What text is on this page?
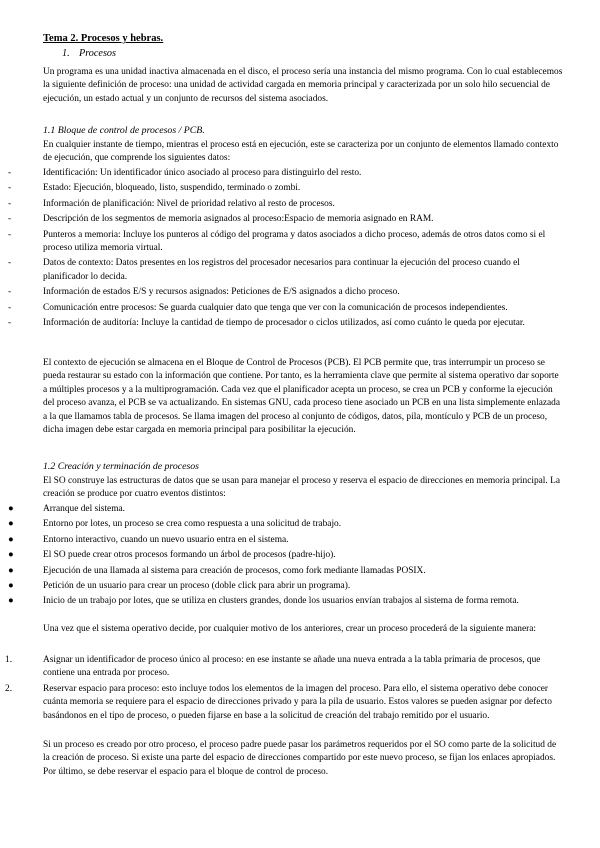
Tema 2. Procesos y hebras.
1. Procesos

Un programa es una unidad inactiva almacenada en el disco, el proceso sería una instancia del mismo programa. Con lo cual establecemos la siguiente definición de proceso: una unidad de actividad cargada en memoria principal y caracterizada por un solo hilo secuencial de ejecución, un estado actual y un conjunto de recursos del sistema asociados.

1.1 Bloque de control de procesos / PCB.

En cualquier instante de tiempo, mientras el proceso está en ejecución, este se caracteriza por un conjunto de elementos llamado contexto de ejecución, que comprende los siguientes datos:

-	Identificación: Un identificador único asociado al proceso para distinguirlo del resto.
-	Estado: Ejecución, bloqueado, listo, suspendido, terminado o zombi.
-	Información de planificación: Nivel de prioridad relativo al resto de procesos.
-	Descripción de los segmentos de memoria asignados al proceso:Espacio de memoria asignado en RAM.
-	Punteros a memoria: Incluye los punteros al código del programa y datos asociados a dicho proceso, además de otros datos como si el proceso utiliza memoria virtual.
-	Datos de contexto: Datos presentes en los registros del procesador necesarios para continuar la ejecución del proceso cuando el planificador lo decida.
-	Información de estados E/S y recursos asignados: Peticiones de E/S asignados a dicho proceso.
-	Comunicación entre procesos: Se guarda cualquier dato que tenga que ver con la comunicación de procesos independientes.
-	Información de auditoría: Incluye la cantidad de tiempo de procesador o ciclos utilizados, así como cuánto le queda por ejecutar.

El contexto de ejecución se almacena en el Bloque de Control de Procesos (PCB). El PCB permite que, tras interrumpir un proceso se pueda restaurar su estado con la información que contiene. Por tanto, es la herramienta clave que permite al sistema operativo dar soporte a múltiples procesos y a la multiprogramación. Cada vez que el planificador acepta un proceso, se crea un PCB y conforme la ejecución del proceso avanza, el PCB se va actualizando. En sistemas GNU, cada proceso tiene asociado un PCB en una lista simplemente enlazada a la que llamamos tabla de procesos. Se llama imagen del proceso al conjunto de códigos, datos, pila, montículo y PCB de un proceso, dicha imagen debe estar cargada en memoria principal para posibilitar la ejecución.

1.2 Creación y terminación de procesos

El SO construye las estructuras de datos que se usan para manejar el proceso y reserva el espacio de direcciones en memoria principal. La creación se produce por cuatro eventos distintos:

●	Arranque del sistema.
●	Entorno por lotes, un proceso se crea como respuesta a una solicitud de trabajo.
●	Entorno interactivo, cuando un nuevo usuario entra en el sistema.
●	El SO puede crear otros procesos formando un árbol de procesos (padre-hijo).
●	Ejecución de una llamada al sistema para creación de procesos, como fork mediante llamadas POSIX.
●	Petición de un usuario para crear un proceso (doble click para abrir un programa).
●	Inicio de un trabajo por lotes, que se utiliza en clusters grandes, donde los usuarios envían trabajos al sistema de forma remota.

Una vez que el sistema operativo decide, por cualquier motivo de los anteriores, crear un proceso procederá de la siguiente manera:

1.	Asignar un identificador de proceso único al proceso: en ese instante se añade una nueva entrada a la tabla primaria de procesos, que contiene una entrada por proceso.
2.	Reservar espacio para proceso: esto incluye todos los elementos de la imagen del proceso. Para ello, el sistema operativo debe conocer cuánta memoria se requiere para el espacio de direcciones privado y para la pila de usuario. Estos valores se pueden asignar por defecto basándonos en el tipo de proceso, o pueden fijarse en base a la solicitud de creación del trabajo remitido por el usuario.

Si un proceso es creado por otro proceso, el proceso padre puede pasar los parámetros requeridos por el SO como parte de la solicitud de la creación de proceso. Si existe una parte del espacio de direcciones compartido por este nuevo proceso, se fijan los enlaces apropiados. Por último, se debe reservar el espacio para el bloque de control de proceso.
